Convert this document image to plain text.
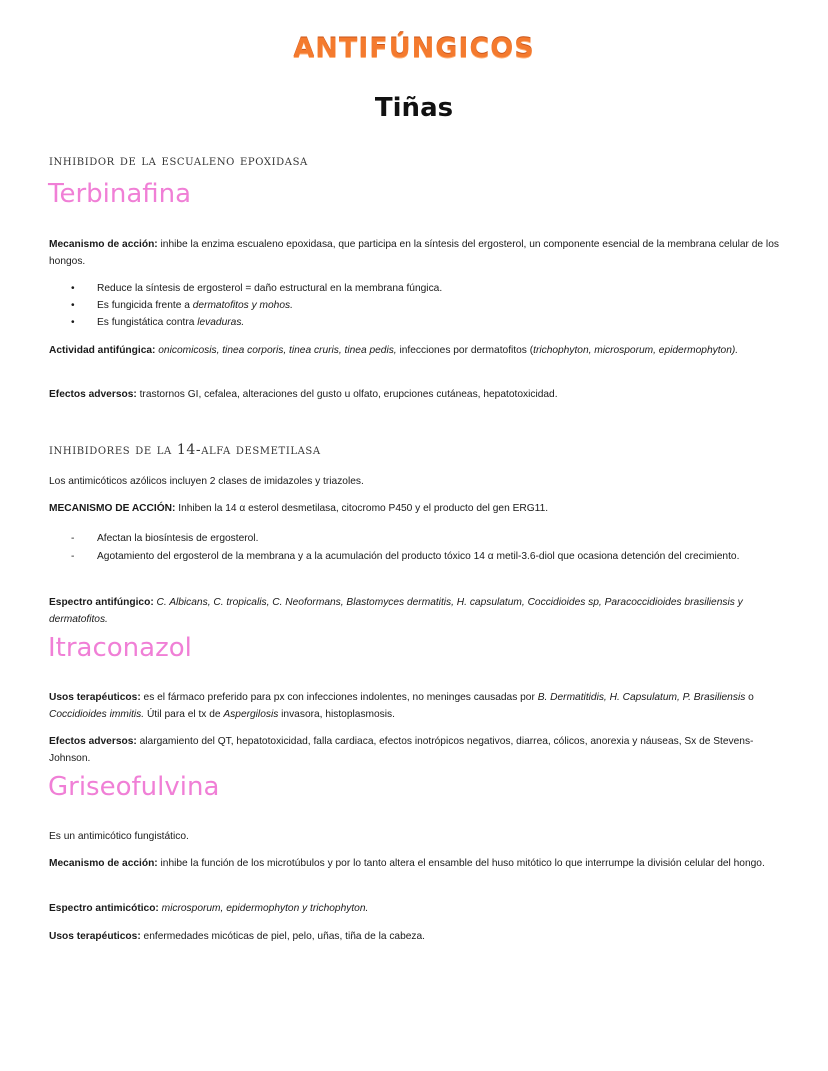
ANTIFÚNGICOS
Tiñas
inhibidor de la escualeno epoxidasa
Terbinafina

Mecanismo de acción: inhibe la enzima escualeno epoxidasa, que participa en la síntesis del ergosterol, un componente esencial de la membrana celular de los hongos.

• Reduce la síntesis de ergosterol = daño estructural en la membrana fúngica.
• Es fungicida frente a dermatofitos y mohos.
• Es fungistática contra levaduras.

Actividad antifúngica: onicomicosis, tinea corporis, tinea cruris, tinea pedis, infecciones por dermatofitos (trichophyton, microsporum, epidermophyton).

Efectos adversos: trastornos GI, cefalea, alteraciones del gusto u olfato, erupciones cutáneas, hepatotoxicidad.

inhibidores de la 14-alfa desmetilasa

Los antimicóticos azólicos incluyen 2 clases de imidazoles y triazoles.

MECANISMO DE ACCIÓN: Inhiben la 14 α esterol desmetilasa, citocromo P450 y el producto del gen ERG11.

- Afectan la biosíntesis de ergosterol.
- Agotamiento del ergosterol de la membrana y a la acumulación del producto tóxico 14 α metil-3.6-diol que ocasiona detención del crecimiento.

Espectro antifúngico: C. Albicans, C. tropicalis, C. Neoformans, Blastomyces dermatitis, H. capsulatum, Coccidioides sp, Paracoccidioides brasiliensis y dermatofitos.

Itraconazol

Usos terapéuticos: es el fármaco preferido para px con infecciones indolentes, no meninges causadas por B. Dermatitidis, H. Capsulatum, P. Brasiliensis o Coccidioides immitis. Útil para el tx de Aspergilosis invasora, histoplasmosis.

Efectos adversos: alargamiento del QT, hepatotoxicidad, falla cardiaca, efectos inotrópicos negativos, diarrea, cólicos, anorexia y náuseas, Sx de Stevens-Johnson.

Griseofulvina

Es un antimicótico fungistático.

Mecanismo de acción: inhibe la función de los microtúbulos y por lo tanto altera el ensamble del huso mitótico lo que interrumpe la división celular del hongo.

Espectro antimicótico: microsporum, epidermophyton y trichophyton.

Usos terapéuticos: enfermedades micóticas de piel, pelo, uñas, tiña de la cabeza.
